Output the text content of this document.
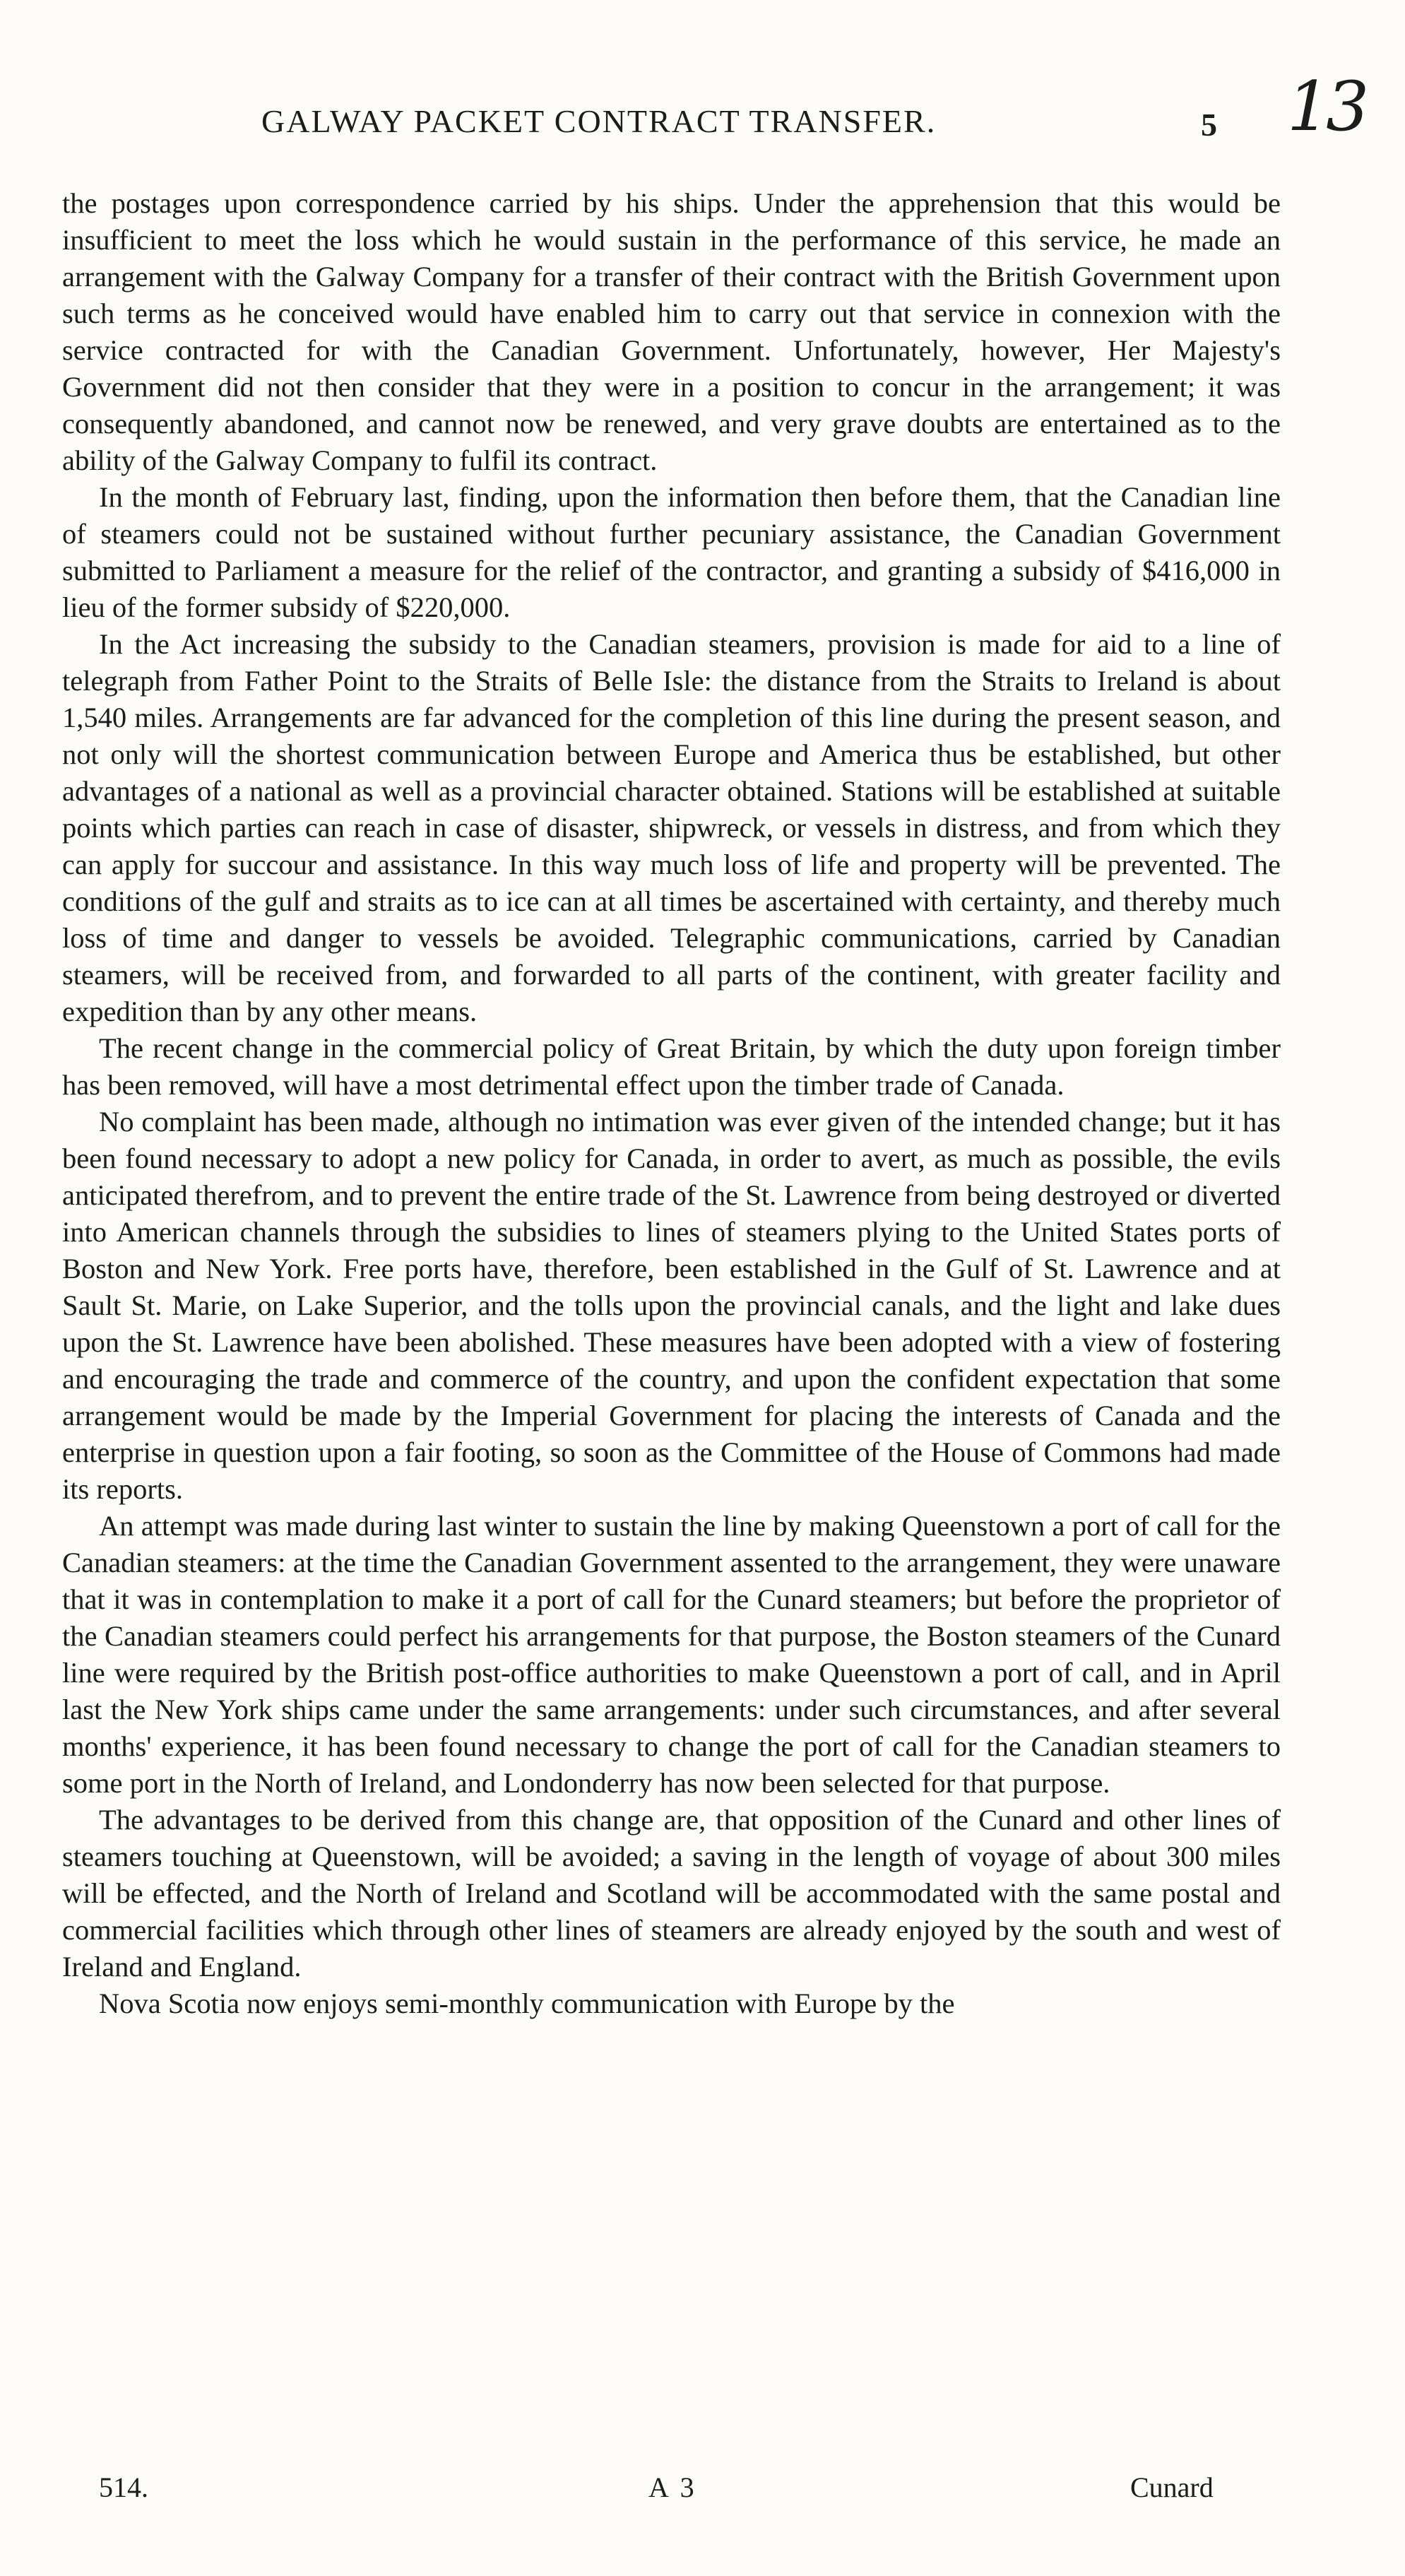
GALWAY PACKET CONTRACT TRANSFER.	5 13

the postages upon correspondence carried by his ships. Under the apprehension that this would be insufficient to meet the loss which he would sustain in the performance of this service, he made an arrangement with the Galway Company for a transfer of their contract with the British Government upon such terms as he conceived would have enabled him to carry out that service in connexion with the service contracted for with the Canadian Government. Unfortunately, however, Her Majesty's Government did not then consider that they were in a position to concur in the arrangement; it was consequently abandoned, and cannot now be renewed, and very grave doubts are entertained as to the ability of the Galway Company to fulfil its contract.

In the month of February last, finding, upon the information then before them, that the Canadian line of steamers could not be sustained without further pecuniary assistance, the Canadian Government submitted to Parliament a measure for the relief of the contractor, and granting a subsidy of $416,000 in lieu of the former subsidy of $220,000.

In the Act increasing the subsidy to the Canadian steamers, provision is made for aid to a line of telegraph from Father Point to the Straits of Belle Isle: the distance from the Straits to Ireland is about 1,540 miles. Arrangements are far advanced for the completion of this line during the present season, and not only will the shortest communication between Europe and America thus be established, but other advantages of a national as well as a provincial character obtained. Stations will be established at suitable points which parties can reach in case of disaster, shipwreck, or vessels in distress, and from which they can apply for succour and assistance. In this way much loss of life and property will be prevented. The conditions of the gulf and straits as to ice can at all times be ascertained with certainty, and thereby much loss of time and danger to vessels be avoided. Telegraphic communications, carried by Canadian steamers, will be received from, and forwarded to all parts of the continent, with greater facility and expedition than by any other means.

The recent change in the commercial policy of Great Britain, by which the duty upon foreign timber has been removed, will have a most detrimental effect upon the timber trade of Canada.

No complaint has been made, although no intimation was ever given of the intended change; but it has been found necessary to adopt a new policy for Canada, in order to avert, as much as possible, the evils anticipated therefrom, and to prevent the entire trade of the St. Lawrence from being destroyed or diverted into American channels through the subsidies to lines of steamers plying to the United States ports of Boston and New York. Free ports have, therefore, been established in the Gulf of St. Lawrence and at Sault St. Marie, on Lake Superior, and the tolls upon the provincial canals, and the light and lake dues upon the St. Lawrence have been abolished. These measures have been adopted with a view of fostering and encouraging the trade and commerce of the country, and upon the confident expectation that some arrangement would be made by the Imperial Government for placing the interests of Canada and the enterprise in question upon a fair footing, so soon as the Committee of the House of Commons had made its reports.

An attempt was made during last winter to sustain the line by making Queenstown a port of call for the Canadian steamers: at the time the Canadian Government assented to the arrangement, they were unaware that it was in contemplation to make it a port of call for the Cunard steamers; but before the proprietor of the Canadian steamers could perfect his arrangements for that purpose, the Boston steamers of the Cunard line were required by the British post-office authorities to make Queenstown a port of call, and in April last the New York ships came under the same arrangements: under such circumstances, and after several months' experience, it has been found necessary to change the port of call for the Canadian steamers to some port in the North of Ireland, and Londonderry has now been selected for that purpose.

The advantages to be derived from this change are, that opposition of the Cunard and other lines of steamers touching at Queenstown, will be avoided; a saving in the length of voyage of about 300 miles will be effected, and the North of Ireland and Scotland will be accommodated with the same postal and commercial facilities which through other lines of steamers are already enjoyed by the south and west of Ireland and England.

Nova Scotia now enjoys semi-monthly communication with Europe by the

514.	A 3	Cunard
